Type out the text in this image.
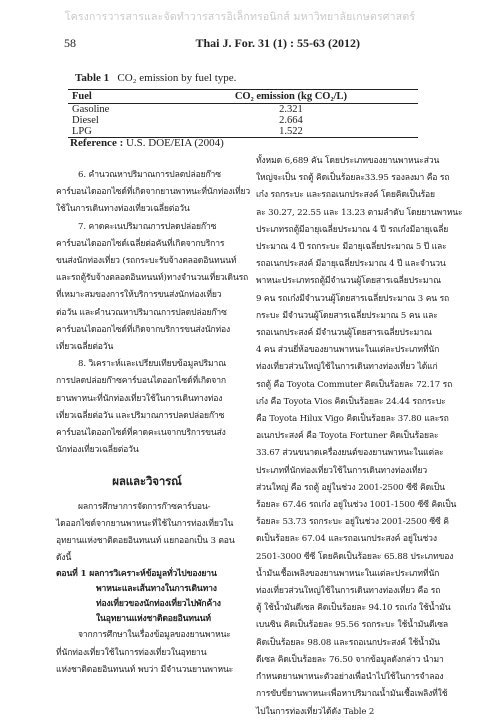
โครงการวารสารและจัดทำวารสารอิเล็กทรอนิกส์ มหาวิทยาลัยเกษตรศาสตร์
58	Thai J. For. 31 (1) : 55-63 (2012)
Table 1 CO₂ emission by fuel type.
Fuel	CO₂ emission (kg CO₂/L)
Gasoline	2.321
Diesel	2.664
LPG	1.522
Reference : U.S. DOE/EIA (2004)
6. คำนวณหาปริมาณการปลดปล่อยก๊าซ
คาร์บอนไดออกไซด์ที่เกิดจากยานพาหนะที่นักท่องเที่ยว
ใช้ในการเดินทางท่องเที่ยวเฉลี่ยต่อวัน
7. คาดคะเนปริมาณการปลดปล่อยก๊าซ
คาร์บอนไดออกไซด์เฉลี่ยต่อคันที่เกิดจากบริการ
ขนส่งนักท่องเที่ยว (รถกระบะรับจ้างตลอดอินทนนท์
และรถตู้รับจ้างตลอดอินทนนท์)ทางจำนวนเที่ยวเดินรถ
ที่เหมาะสมของการให้บริการขนส่งนักท่องเที่ยว
ต่อวัน และคำนวณหาปริมาณการปลดปล่อยก๊าซ
คาร์บอนไดออกไซด์ที่เกิดจากบริการขนส่งนักท่อง
เที่ยวเฉลี่ยต่อวัน
8. วิเคราะห์และเปรียบเทียบข้อมูลปริมาณ
การปลดปล่อยก๊าซคาร์บอนไดออกไซด์ที่เกิดจาก
ยานพาหนะที่นักท่องเที่ยวใช้ในการเดินทางท่อง
เที่ยวเฉลี่ยต่อวัน และปริมาณการปลดปล่อยก๊าซ
คาร์บอนไดออกไซด์ที่คาดคะเนจากบริการขนส่ง
นักท่องเที่ยวเฉลี่ยต่อวัน
ผลและวิจารณ์
ผลการศึกษาการจัดการก๊าซคาร์บอน-
ไดออกไซด์จากยานพาหนะที่ใช้ในการท่องเที่ยวใน
อุทยานแห่งชาติดอยอินทนนท์ แยกออกเป็น 3 ตอน
ดังนี้
ตอนที่ 1 ผลการวิเคราะห์ข้อมูลทั่วไปของยาน
พาหนะและเส้นทางในการเดินทาง
ท่องเที่ยวของนักท่องเที่ยวไปพักค้าง
ในอุทยานแห่งชาติดอยอินทนนท์
จากการศึกษาในเรื่องข้อมูลของยานพาหนะ
ที่นักท่องเที่ยวใช้ในการท่องเที่ยวในอุทยาน
แห่งชาติดอยอินทนนท์ พบว่า มีจำนวนยานพาหนะ
ทั้งหมด 6,689 คัน โดยประเภทของยานพาหนะส่วน
ใหญ่จะเป็น รถตู้ คิดเป็นร้อยละ33.95 รองลงมา คือ รถ
เก๋ง รถกระบะ และรถอเนกประสงค์ โดยคิดเป็นร้อย
ละ 30.27, 22.55 และ 13.23 ตามลำดับ โดยยานพาหนะ
ประเภทรถตู้มีอายุเฉลี่ยประมาณ 4 ปี รถเก๋งมีอายุเฉลี่ย
ประมาณ 4 ปี รถกระบะ มีอายุเฉลี่ยประมาณ 5 ปี และ
รถอเนกประสงค์ มีอายุเฉลี่ยประมาณ 4 ปี และจำนวน
พาหนะประเภทรถตู้มีจำนวนผู้โดยสารเฉลี่ยประมาณ
9 คน รถเก๋งมีจำนวนผู้โดยสารเฉลี่ยประมาณ 3 คน รถ
กระบะ มีจำนวนผู้โดยสารเฉลี่ยประมาณ 5 คน และ
รถอเนกประสงค์ มีจำนวนผู้โดยสารเฉลี่ยประมาณ
4 คน ส่วนยี่ห้อของยานพาหนะในแต่ละประเภทที่นัก
ท่องเที่ยวส่วนใหญ่ใช้ในการเดินทางท่องเที่ยว ได้แก่
รถตู้ คือ Toyota Commuter คิดเป็นร้อยละ 72.17 รถ
เก๋ง คือ Toyota Vios คิดเป็นร้อยละ 24.44 รถกระบะ
คือ Toyota Hilux Vigo คิดเป็นร้อยละ 37.80 และรถ
อเนกประสงค์ คือ Toyota Fortuner คิดเป็นร้อยละ
33.67 ส่วนขนาดเครื่องยนต์ของยานพาหนะในแต่ละ
ประเภทที่นักท่องเที่ยวใช้ในการเดินทางท่องเที่ยว
ส่วนใหญ่ คือ รถตู้ อยู่ในช่วง 2001-2500 ซีซี คิดเป็น
ร้อยละ 67.46 รถเก๋ง อยู่ในช่วง 1001-1500 ซีซี คิดเป็น
ร้อยละ 53.73 รถกระบะ อยู่ในช่วง 2001-2500 ซีซี คิ
ดเป็นร้อยละ 67.04 และรถอเนกประสงค์ อยู่ในช่วง
2501-3000 ซีซี โดยคิดเป็นร้อยละ 65.88 ประเภทของ
น้ำมันเชื้อเพลิงของยานพาหนะในแต่ละประเภทที่นัก
ท่องเที่ยวส่วนใหญ่ใช้ในการเดินทางท่องเที่ยว คือ รถ
ตู้ ใช้น้ำมันดีเซล คิดเป็นร้อยละ 94.10 รถเก๋ง ใช้น้ำมัน
เบนซิน คิดเป็นร้อยละ 95.56 รถกระบะ ใช้น้ำมันดีเซล
คิดเป็นร้อยละ 98.08 และรถอเนกประสงค์ ใช้น้ำมัน
ดีเซล คิดเป็นร้อยละ 76.50 จากข้อมูลดังกล่าว นำมา
กำหนดยานพาหนะตัวอย่างเพื่อนำไปใช้ในการจำลอง
การขับขี่ยานพาหนะเพื่อหาปริมาณน้ำมันเชื้อเพลิงที่ใช้
ไปในการท่องเที่ยวได้ดัง Table 2
